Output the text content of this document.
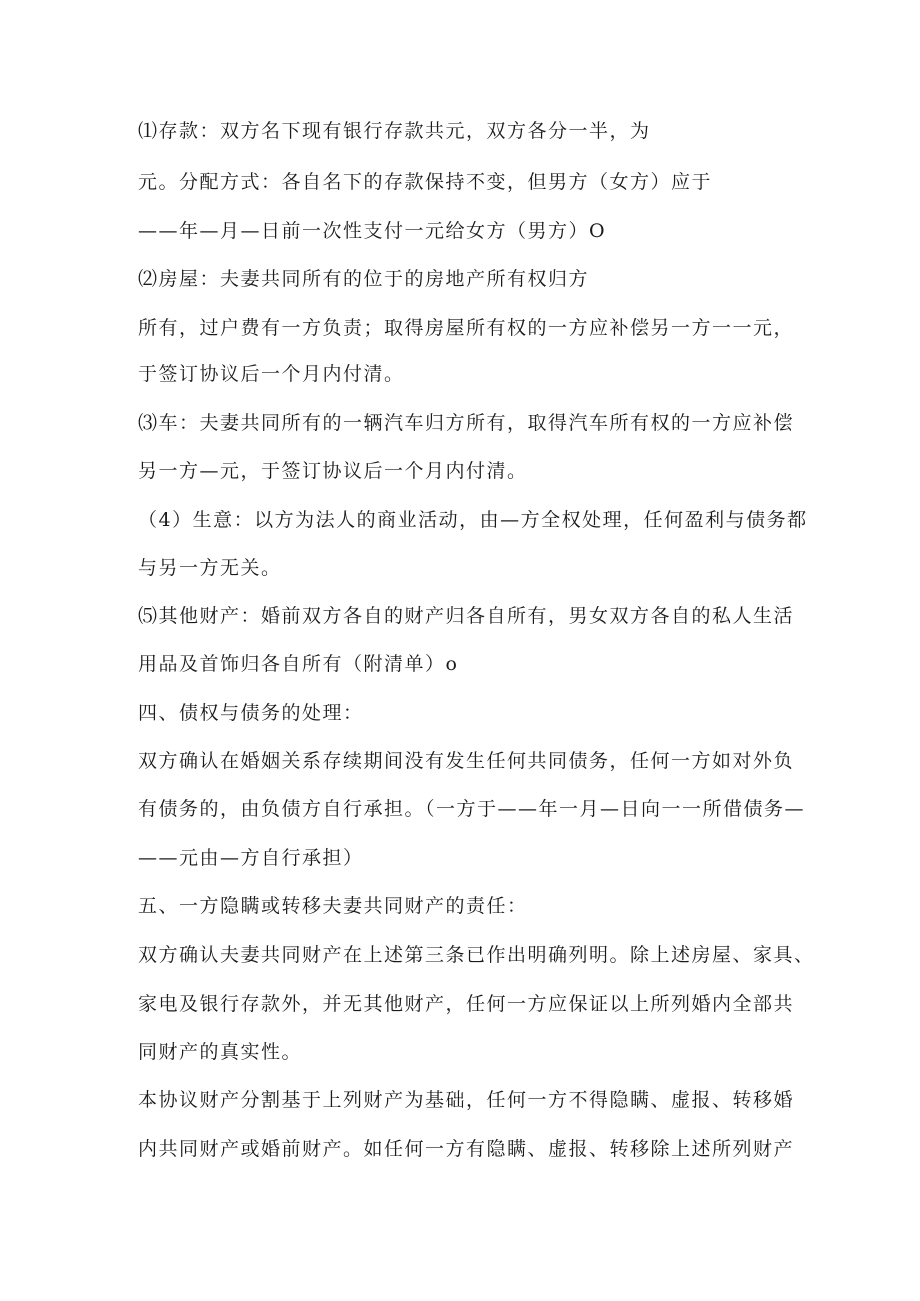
⑴存款：双方名下现有银行存款共元，双方各分一半，为

元。分配方式：各自名下的存款保持不变，但男方（女方）应于

——年—月—日前一次性支付一元给女方（男方）O

⑵房屋：夫妻共同所有的位于的房地产所有权归方

所有，过户费有一方负责；取得房屋所有权的一方应补偿另一方一一元，

于签订协议后一个月内付清。

⑶车：夫妻共同所有的一辆汽车归方所有，取得汽车所有权的一方应补偿

另一方—元，于签订协议后一个月内付清。

（4）生意：以方为法人的商业活动，由—方全权处理，任何盈利与债务都

与另一方无关。

⑸其他财产：婚前双方各自的财产归各自所有，男女双方各自的私人生活

用品及首饰归各自所有（附清单）o

四、债权与债务的处理：

双方确认在婚姻关系存续期间没有发生任何共同债务，任何一方如对外负

有债务的，由负债方自行承担。（一方于——年一月—日向一一所借债务—

——元由—方自行承担）

五、一方隐瞒或转移夫妻共同财产的责任：

双方确认夫妻共同财产在上述第三条已作出明确列明。除上述房屋、家具、

家电及银行存款外，并无其他财产，任何一方应保证以上所列婚内全部共

同财产的真实性。

本协议财产分割基于上列财产为基础，任何一方不得隐瞒、虚报、转移婚

内共同财产或婚前财产。如任何一方有隐瞒、虚报、转移除上述所列财产
